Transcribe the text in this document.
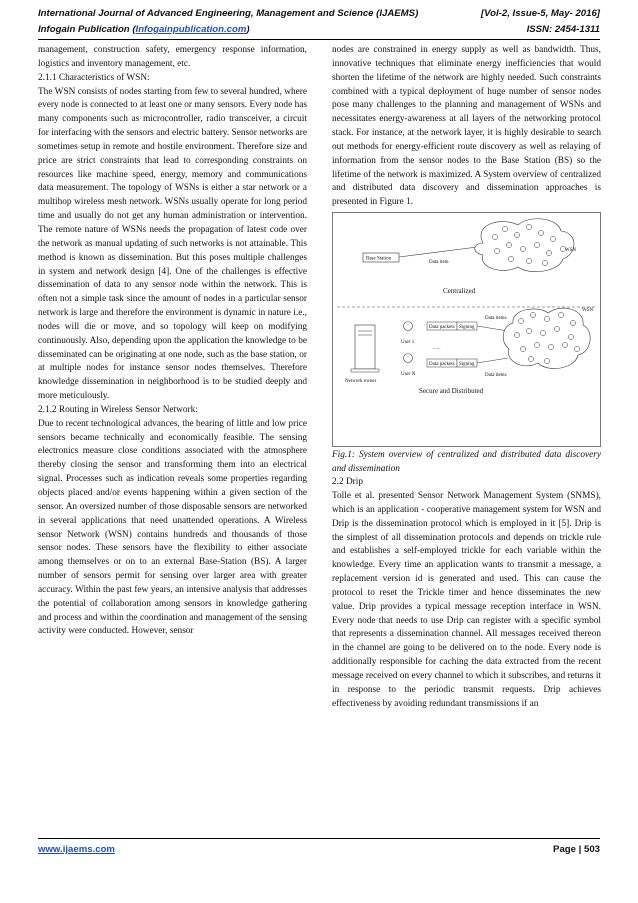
International Journal of Advanced Engineering, Management and Science (IJAEMS)	[Vol-2, Issue-5, May- 2016]
Infogain Publication (Infogainpublication.com)	ISSN: 2454-1311

management, construction safety, emergency response information, logistics and inventory management, etc.

2.1.1 Characteristics of WSN:

The WSN consists of nodes starting from few to several hundred, where every node is connected to at least one or many sensors. Every node has many components such as microcontroller, radio transceiver, a circuit for interfacing with the sensors and electric battery. Sensor networks are sometimes setup in remote and hostile environment. Therefore size and price are strict constraints that lead to corresponding constraints on resources like machine speed, energy, memory and communications data measurement. The topology of WSNs is either a star network or a multihop wireless mesh network. WSNs usually operate for long period time and usually do not get any human administration or intervention. The remote nature of WSNs needs the propagation of latest code over the network as manual updating of such networks is not attainable. This method is known as dissemination. But this poses multiple challenges in system and network design [4]. One of the challenges is effective dissemination of data to any sensor node within the network. This is often not a simple task since the amount of nodes in a particular sensor network is large and therefore the environment is dynamic in nature i.e., nodes will die or move, and so topology will keep on modifying continuously. Also, depending upon the application the knowledge to be disseminated can be originating at one node, such as the base station, or at multiple nodes for instance sensor nodes themselves. Therefore knowledge dissemination in neighborhood is to be studied deeply and more meticulously.

2.1.2 Routing in Wireless Sensor Network:

Due to recent technological advances, the bearing of little and low price sensors became technically and economically feasible. The sensing electronics measure close conditions associated with the atmosphere thereby closing the sensor and transforming them into an electrical signal. Processes such as indication reveals some properties regarding objects placed and/or events happening within a given section of the sensor. An oversized number of those disposable sensors are networked in several applications that need unattended operations. A Wireless sensor Network (WSN) contains hundreds and thousands of those sensor nodes. These sensors have the flexibility to either associate among themselves or on to an external Base-Station (BS). A larger number of sensors permit for sensing over larger area with greater accuracy. Within the past few years, an intensive analysis that addresses the potential of collaboration among sensors in knowledge gathering and process and within the coordination and management of the sensing activity were conducted. However, sensor

nodes are constrained in energy supply as well as bandwidth. Thus, innovative techniques that eliminate energy inefficiencies that would shorten the lifetime of the network are highly needed. Such constraints combined with a typical deployment of huge number of sensor nodes pose many challenges to the planning and management of WSNs and necessitates energy-awareness at all layers of the networking protocol stack. For instance, at the network layer, it is highly desirable to search out methods for energy-efficient route discovery as well as relaying of information from the sensor nodes to the Base Station (BS) so the lifetime of the network is maximized. A System overview of centralized and distributed data discovery and dissemination approaches is presented in Figure 1.

Base Station
Data item
WSN
Centralized
Network owner
User 1
User N
Data packets Signing
......
Data packets Signing
Data items
Data items
WSN
Secure and Distributed

Fig.1: System overview of centralized and distributed data discovery and dissemination

2.2 Drip

Tolle et al. presented Sensor Network Management System (SNMS), which is an application - cooperative management system for WSN and Drip is the dissemination protocol which is employed in it [5]. Drip is the simplest of all dissemination protocols and depends on trickle rule and establishes a self-employed trickle for each variable within the knowledge. Every time an application wants to transmit a message, a replacement version id is generated and used. This can cause the protocol to reset the Trickle timer and hence disseminates the new value. Drip provides a typical message reception interface in WSN. Every node that needs to use Drip can register with a specific symbol that represents a dissemination channel. All messages received thereon in the channel are going to be delivered on to the node. Every node is additionally responsible for caching the data extracted from the recent message received on every channel to which it subscribes, and returns it in response to the periodic transmit requests. Drip achieves effectiveness by avoiding redundant transmissions if an

www.ijaems.com	Page | 503
